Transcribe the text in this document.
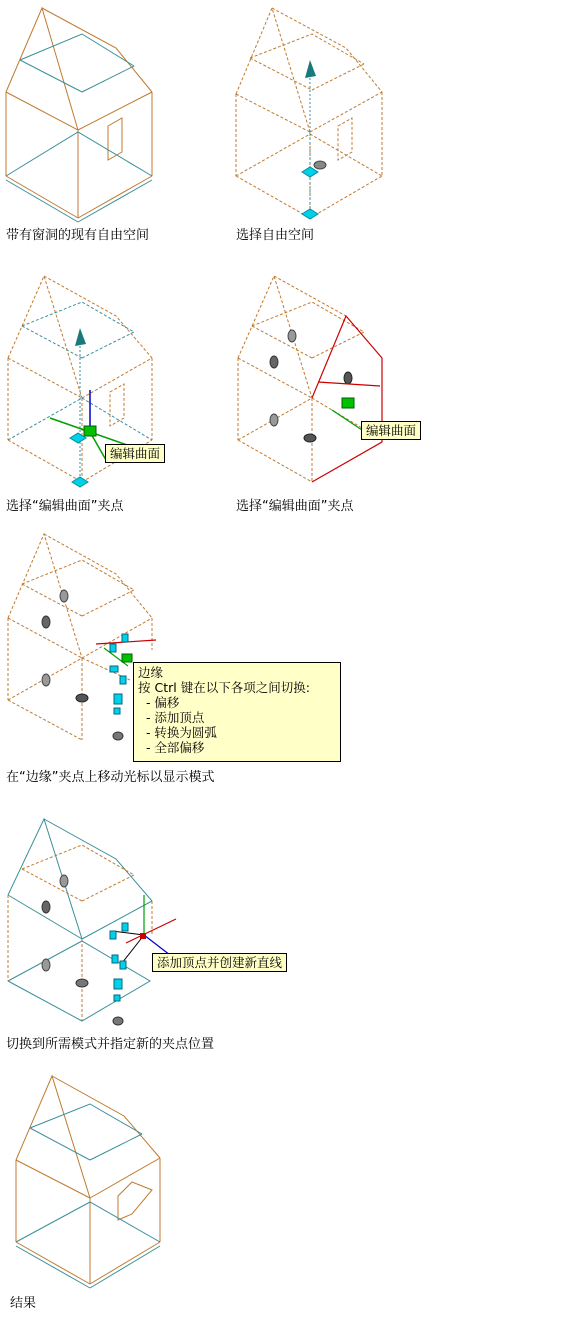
带有窗洞的现有自由空间	选择自由空间
编辑曲面
选择“编辑曲面”夹点
编辑曲面
选择“编辑曲面”夹点
边缘
按 Ctrl 键在以下各项之间切换:
- 偏移
- 添加顶点
- 转换为圆弧
- 全部偏移
在“边缘”夹点上移动光标以显示模式
添加顶点并创建新直线
切换到所需模式并指定新的夹点位置
结果
